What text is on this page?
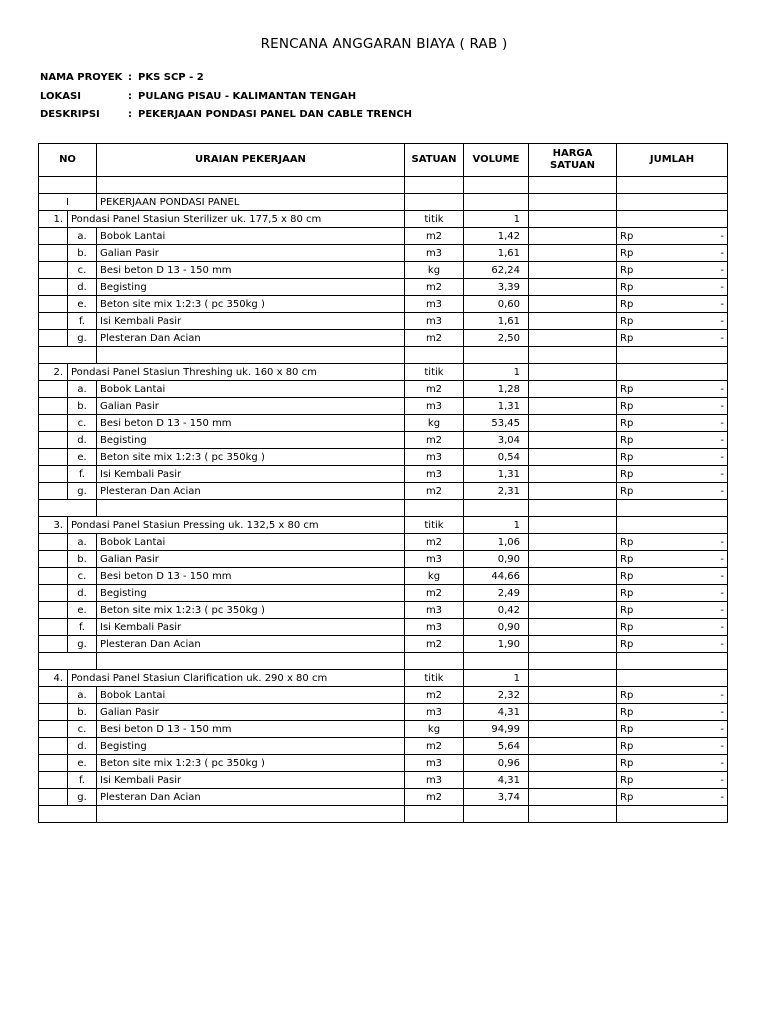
RENCANA ANGGARAN BIAYA ( RAB )
NAMA PROYEK : PKS SCP - 2
LOKASI	: PULANG PISAU - KALIMANTAN TENGAH
DESKRIPSI	: PEKERJAAN PONDASI PANEL DAN CABLE TRENCH
NO		URAIAN PEKERJAAN	SATUAN	VOLUME	HARGA
SATUAN	JUMLAH

I		PEKERJAAN PONDASI PANEL				
1.	Pondasi Panel Stasiun Sterilizer uk. 177,5 x 80 cm		titik	1		
	a.	Bobok Lantai	m2	1,42		Rp -

	b.	Galian Pasir	m3	1,61		Rp -

	c.	Besi beton D 13 - 150 mm	kg	62,24		Rp -

	d.	Begisting	m2	3,39		Rp -

	e.	Beton site mix 1:2:3 ( pc 350kg )	m3	0,60		Rp -

	f.	Isi Kembali Pasir	m3	1,61		Rp -

	g.	Plesteran Dan Acian	m2	2,50		Rp -

2.	Pondasi Panel Stasiun Threshing uk. 160 x 80 cm		titik	1		
	a.	Bobok Lantai	m2	1,28		Rp -

	b.	Galian Pasir	m3	1,31		Rp -

	c.	Besi beton D 13 - 150 mm	kg	53,45		Rp -

	d.	Begisting	m2	3,04		Rp -

	e.	Beton site mix 1:2:3 ( pc 350kg )	m3	0,54		Rp -

	f.	Isi Kembali Pasir	m3	1,31		Rp -

	g.	Plesteran Dan Acian	m2	2,31		Rp -

3.	Pondasi Panel Stasiun Pressing uk. 132,5 x 80 cm		titik	1		
	a.	Bobok Lantai	m2	1,06		Rp -

	b.	Galian Pasir	m3	0,90		Rp -

	c.	Besi beton D 13 - 150 mm	kg	44,66		Rp -

	d.	Begisting	m2	2,49		Rp -

	e.	Beton site mix 1:2:3 ( pc 350kg )	m3	0,42		Rp -

	f.	Isi Kembali Pasir	m3	0,90		Rp -

	g.	Plesteran Dan Acian	m2	1,90		Rp -

4.	Pondasi Panel Stasiun Clarification uk. 290 x 80 cm		titik	1		
	a.	Bobok Lantai	m2	2,32		Rp -

	b.	Galian Pasir	m3	4,31		Rp -

	c.	Besi beton D 13 - 150 mm	kg	94,99		Rp -

	d.	Begisting	m2	5,64		Rp -

	e.	Beton site mix 1:2:3 ( pc 350kg )	m3	0,96		Rp -

	f.	Isi Kembali Pasir	m3	4,31		Rp -

	g.	Plesteran Dan Acian	m2	3,74		Rp -
